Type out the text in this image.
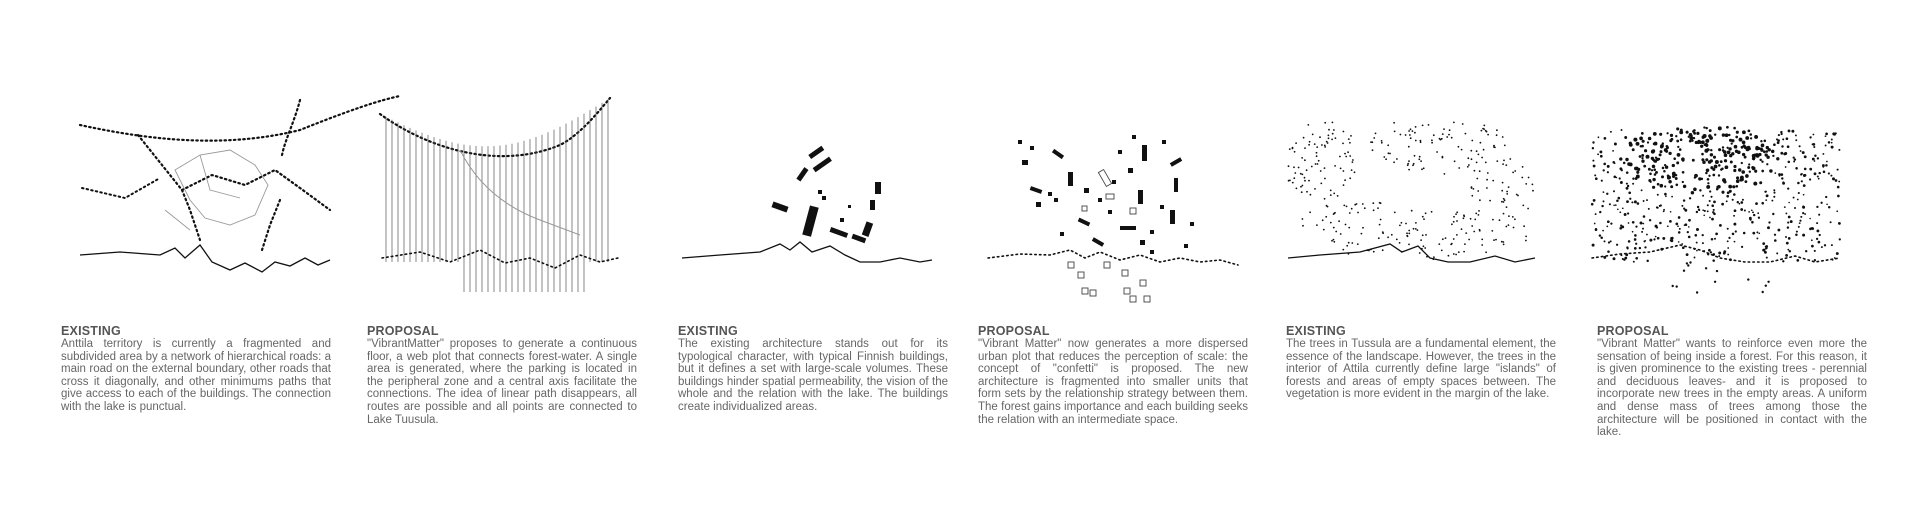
EXISTING
Anttila territory is currently a fragmented and subdivided area by a network of hierarchical roads: a main road on the external boundary, other roads that cross it diagonally, and other minimums paths that give access to each of the buildings. The connection with the lake is punctual.
PROPOSAL
"VibrantMatter" proposes to generate a continuous floor, a web plot that connects forest-water. A single area is generated, where the parking is located in the peripheral zone and a central axis facilitate the connections. The idea of linear path disappears, all routes are possible and all points are connected to Lake Tuusula.
EXISTING
The existing architecture stands out for its typological character, with typical Finnish buildings, but it defines a set with large-scale volumes. These buildings hinder spatial permeability, the vision of the whole and the relation with the lake. The buildings create individualized areas.
PROPOSAL
"Vibrant Matter" now generates a more dispersed urban plot that reduces the perception of scale: the concept of "confetti" is proposed. The new architecture is fragmented into smaller units that form sets by the relationship strategy between them. The forest gains importance and each building seeks the relation with an intermediate space.
EXISTING
The trees in Tussula are a fundamental element, the essence of the landscape. However, the trees in the interior of Attila currently define large "islands" of forests and areas of empty spaces between. The vegetation is more evident in the margin of the lake.
PROPOSAL
"Vibrant Matter" wants to reinforce even more the sensation of being inside a forest. For this reason, it is given prominence to the existing trees - perennial and deciduous leaves- and it is proposed to incorporate new trees in the empty areas. A uniform and dense mass of trees among those the architecture will be positioned in contact with the lake.
